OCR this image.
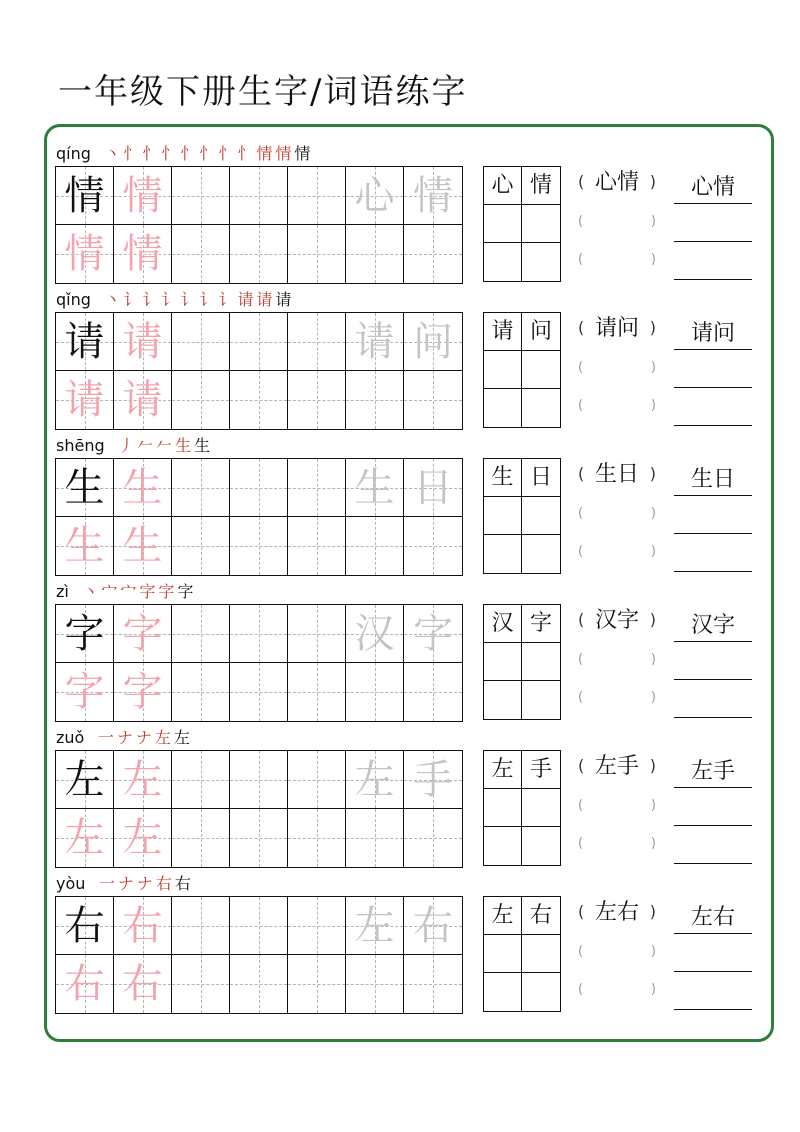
一年级下册生字/词语练字
qíng 丶 忄 忄 忄 忄 忄 忄 忄 情 情 情
情 情	心 情
情 情
心 情	(	)
心情
(	)
(	)
心情
qǐng 丶 讠 讠 讠 讠 讠 讠 请 请 请
请 请	请 问
请 请
请 问	(	)
请问
(	)
(	)
请问
shēng 丿 𠂉 𠂉 生 生
生 生	生 日
生 生
生 日	(	)
生日
(	)
(	)
生日
zì 丶 宀 宀 字 字 字
字 字	汉 字
字 字
汉 字	(	)
汉字
(	)
(	)
汉字
zuǒ 一 ナ ナ 左 左
左 左	左 手
左 左
左 手	(	)
左手
(	)
(	)
左手
yòu 一 ナ ナ 右 右
右 右	左 右
右 右
左 右	(	)
左右
(	)
(	)
左右
